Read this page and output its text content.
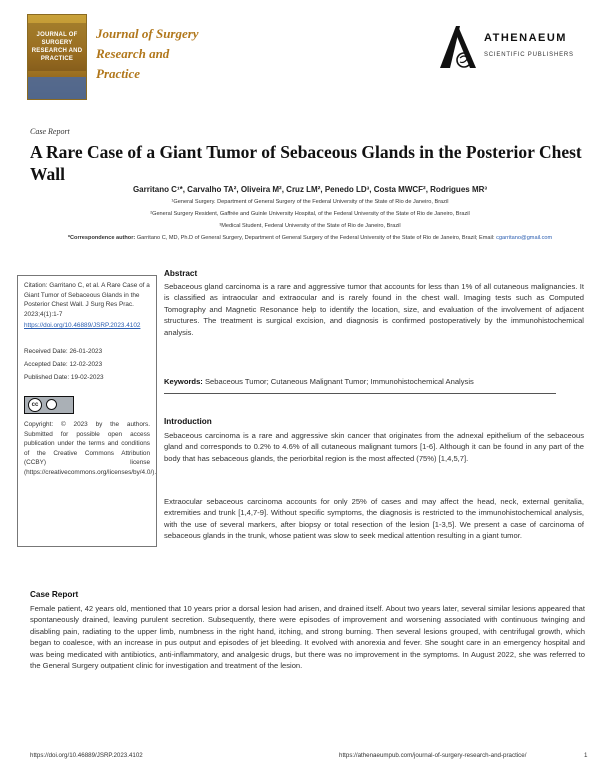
JOURNAL OF SURGERY RESEARCH AND PRACTICE
Journal of Surgery
Research and
Practice
ATHENAEUM
SCIENTIFIC PUBLISHERS
Case Report
A Rare Case of a Giant Tumor of Sebaceous Glands in the Posterior Chest Wall
Garritano C¹*, Carvalho TA², Oliveira M², Cruz LM², Penedo LD³, Costa MWCF², Rodrigues MR³
¹General Surgery. Department of General Surgery of the Federal University of the State of Rio de Janeiro, Brazil
²General Surgery Resident, Gaffrée and Guinle University Hospital, of the Federal University of the State of Rio de Janeiro, Brazil
³Medical Student, Federal University of the State of Rio de Janeiro, Brazil
*Correspondence author: Garritano C, MD, Ph.D of General Surgery, Department of General Surgery of the Federal University of the State of Rio de Janeiro, Brazil; Email: cgarritano@gmail.com
Citation: Garritano C, et al. A Rare Case of a Giant Tumor of Sebaceous Glands in the Posterior Chest Wall. J Surg Res Prac. 2023;4(1):1-7
https://doi.org/10.46889/JSRP.2023.4102
Received Date: 26-01-2023
Accepted Date: 12-02-2023
Published Date: 19-02-2023
cc
Copyright: © 2023 by the authors. Submitted for possible open access publication under the terms and conditions of the Creative Commons Attribution (CCBY) license (https://creativecommons.org/licenses/by/4.0/).
Abstract
Sebaceous gland carcinoma is a rare and aggressive tumor that accounts for less than 1% of all cutaneous malignancies. It is classified as intraocular and extraocular and is rarely found in the chest wall. Imaging tests such as Computed Tomography and Magnetic Resonance help to identify the location, size, and evaluation of the involvement of adjacent structures. The treatment is surgical excision, and diagnosis is confirmed postoperatively by the immunohistochemical analysis.
Keywords: Sebaceous Tumor; Cutaneous Malignant Tumor; Immunohistochemical Analysis
Introduction
Sebaceous carcinoma is a rare and aggressive skin cancer that originates from the adnexal epithelium of the sebaceous gland and corresponds to 0.2% to 4.6% of all cutaneous malignant tumors [1-6]. Although it can be found in any part of the body that has sebaceous glands, the periorbital region is the most affected (75%) [1,4,5,7].
Extraocular sebaceous carcinoma accounts for only 25% of cases and may affect the head, neck, external genitalia, extremities and trunk [1,4,7-9]. Without specific symptoms, the diagnosis is restricted to the immunohistochemical analysis, with the use of several markers, after biopsy or total resection of the lesion [1-3,5]. We present a case of carcinoma of sebaceous glands in the trunk, whose patient was slow to seek medical attention resulting in a giant tumor.
Case Report
Female patient, 42 years old, mentioned that 10 years prior a dorsal lesion had arisen, and drained itself. About two years later, several similar lesions appeared that spontaneously drained, leaving purulent secretion. Subsequently, there were episodes of improvement and worsening associated with continuous twinging and disabling pain, radiating to the upper limb, numbness in the right hand, itching, and strong burning. Then several lesions grouped, with centrifugal growth, which began to coalesce, with an increase in pus output and episodes of jet bleeding. It evolved with anorexia and fever. She sought care in an emergency hospital and was being medicated with antibiotics, anti-inflammatory, and analgesic drugs, but there was no improvement in the symptoms. In August 2022, she was referred to the General Surgery outpatient clinic for investigation and treatment of the lesion.
https://doi.org/10.46889/JSRP.2023.4102	https://athenaeumpub.com/journal-of-surgery-research-and-practice/	1
